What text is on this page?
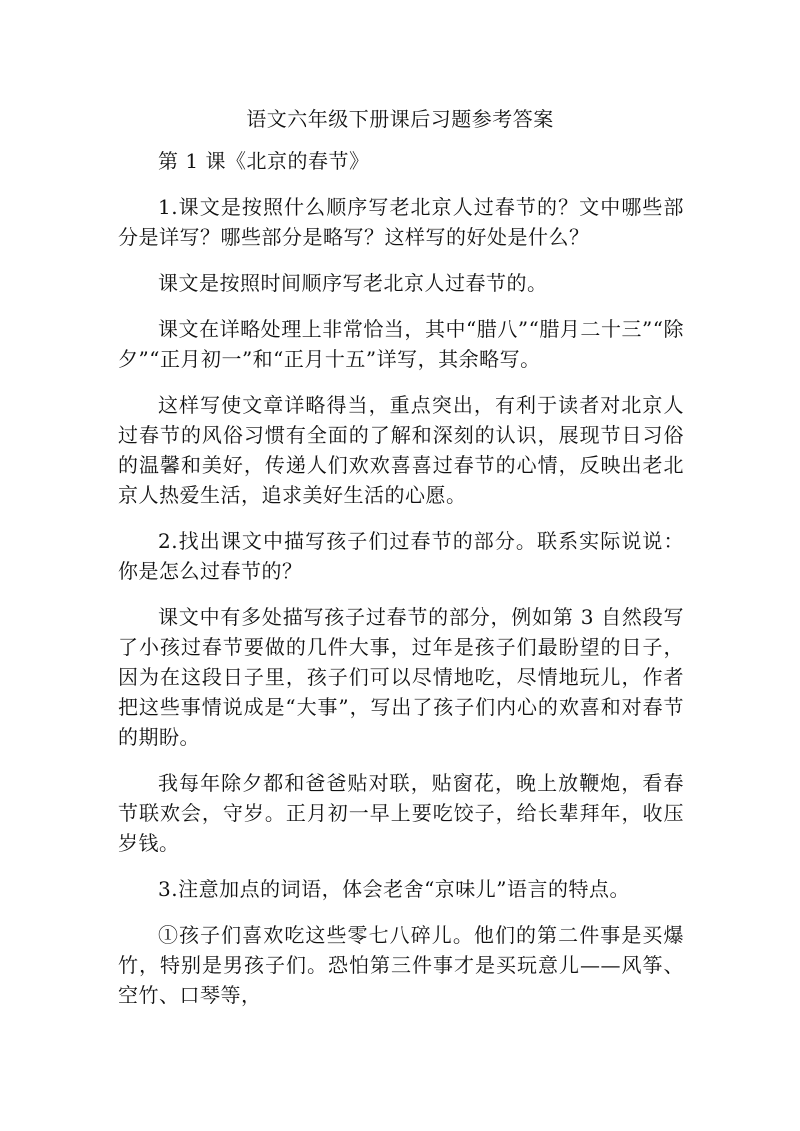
语文六年级下册课后习题参考答案

第 1 课《北京的春节》

1.课文是按照什么顺序写老北京人过春节的？文中哪些部分是详写？哪些部分是略写？这样写的好处是什么？

课文是按照时间顺序写老北京人过春节的。

课文在详略处理上非常恰当，其中“腊八”“腊月二十三”“除夕”“正月初一”和“正月十五”详写，其余略写。

这样写使文章详略得当，重点突出，有利于读者对北京人过春节的风俗习惯有全面的了解和深刻的认识，展现节日习俗的温馨和美好，传递人们欢欢喜喜过春节的心情，反映出老北京人热爱生活，追求美好生活的心愿。

2.找出课文中描写孩子们过春节的部分。联系实际说说：你是怎么过春节的？

课文中有多处描写孩子过春节的部分，例如第 3 自然段写了小孩过春节要做的几件大事，过年是孩子们最盼望的日子，因为在这段日子里，孩子们可以尽情地吃，尽情地玩儿，作者把这些事情说成是“大事”，写出了孩子们内心的欢喜和对春节的期盼。

我每年除夕都和爸爸贴对联，贴窗花，晚上放鞭炮，看春节联欢会，守岁。正月初一早上要吃饺子，给长辈拜年，收压岁钱。

3.注意加点的词语，体会老舍“京味儿”语言的特点。

①孩子们喜欢吃这些零七八碎儿。他们的第二件事是买爆竹，特别是男孩子们。恐怕第三件事才是买玩意儿——风筝、空竹、口琴等，
